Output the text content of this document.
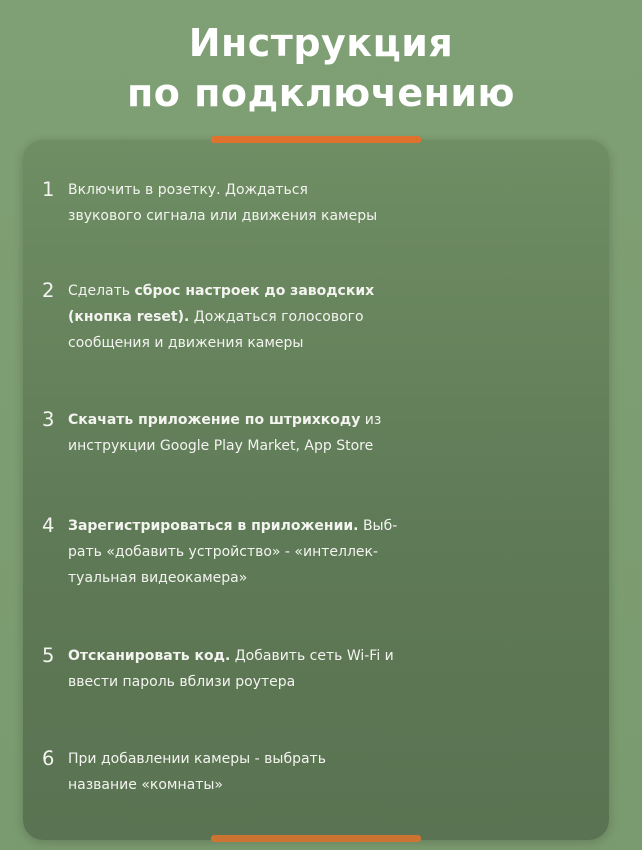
Инструкция
по подключению
1 Включить в розетку. Дождаться
звукового сигнала или движения камеры
2 Сделать сброс настроек до заводских
(кнопка reset). Дождаться голосового
сообщения и движения камеры
3 Скачать приложение по штрихкоду из
инструкции Google Play Market, App Store
4 Зарегистрироваться в приложении. Выб-
рать «добавить устройство» - «интеллек-
туальная видеокамера»
5 Отсканировать код. Добавить сеть Wi-Fi и
ввести пароль вблизи роутера
6 При добавлении камеры - выбрать
название «комнаты»
